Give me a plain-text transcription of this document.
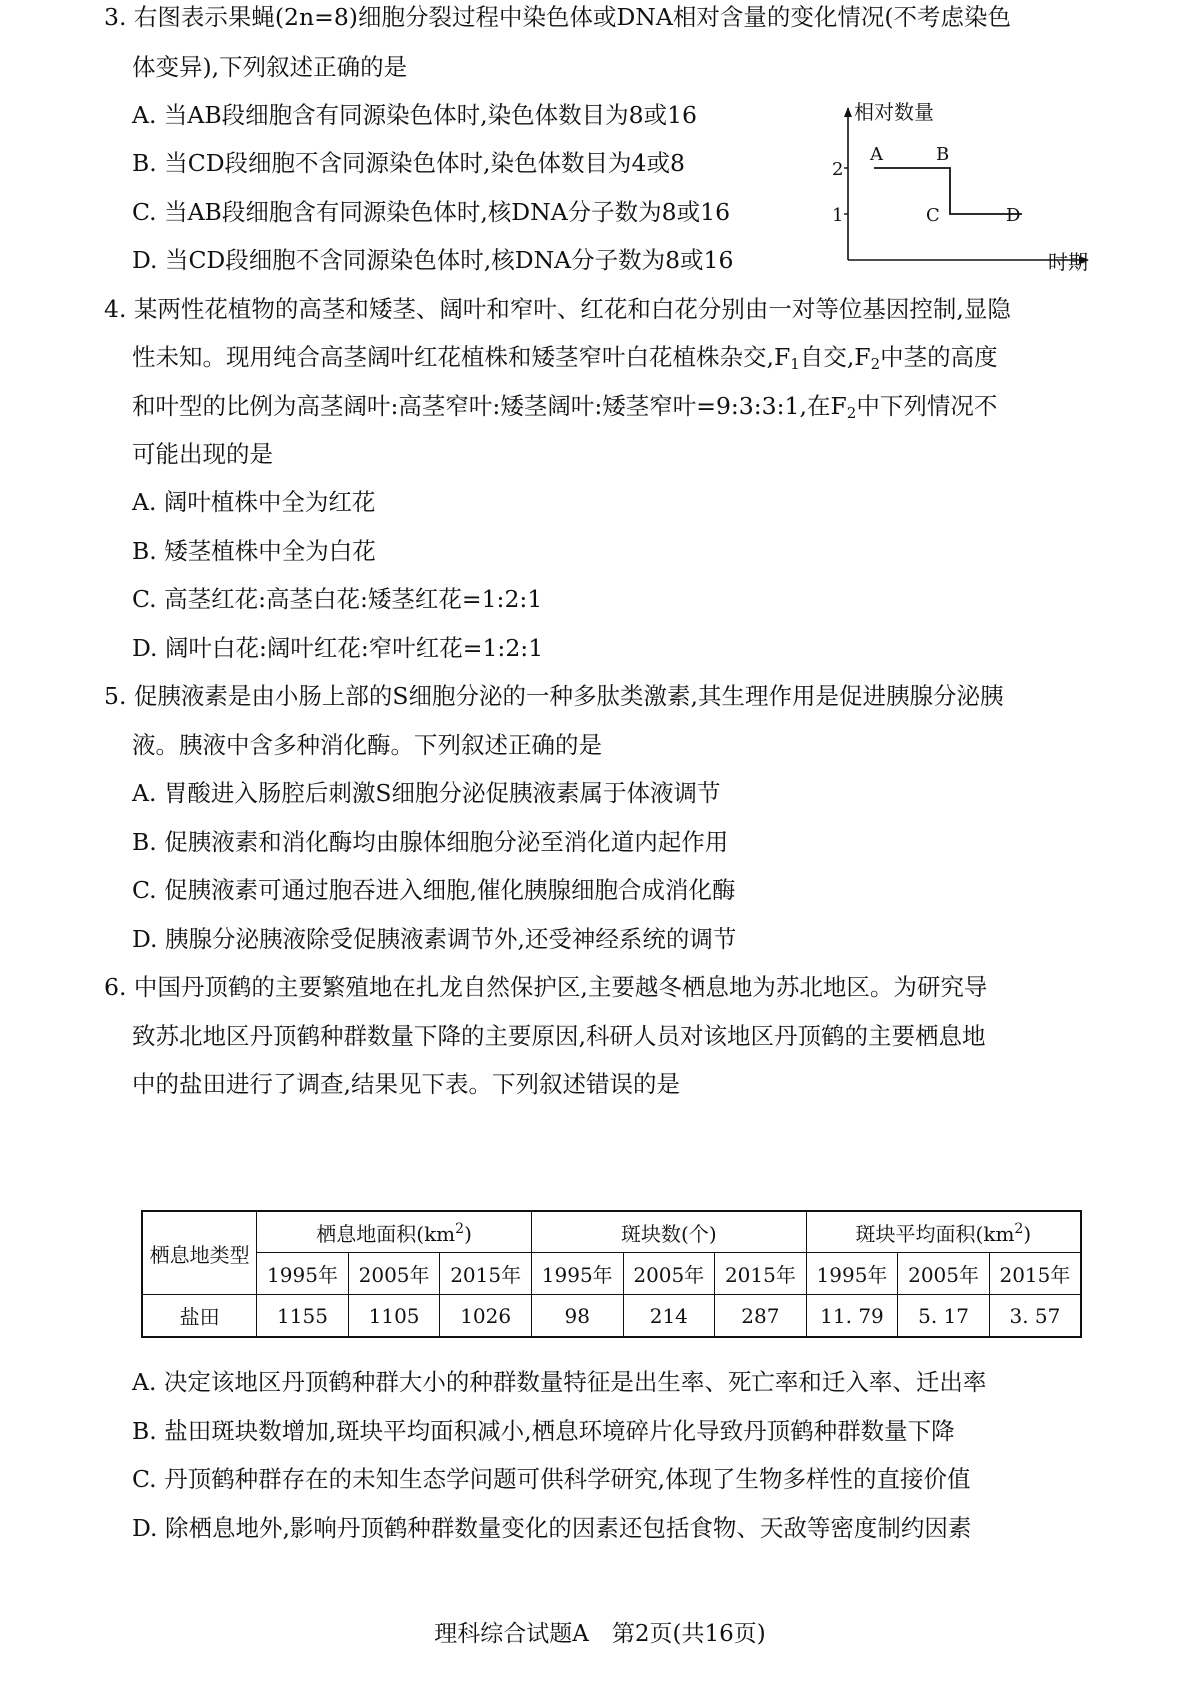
3. 右图表示果蝇(2n=8)细胞分裂过程中染色体或DNA相对含量的变化情况(不考虑染色
体变异),下列叙述正确的是
A. 当AB段细胞含有同源染色体时,染色体数目为8或16
B. 当CD段细胞不含同源染色体时,染色体数目为4或8
C. 当AB段细胞含有同源染色体时,核DNA分子数为8或16
D. 当CD段细胞不含同源染色体时,核DNA分子数为8或16
相对数量
时期
2
1
A	B
C	D
4. 某两性花植物的高茎和矮茎、阔叶和窄叶、红花和白花分别由一对等位基因控制,显隐
性未知。现用纯合高茎阔叶红花植株和矮茎窄叶白花植株杂交$,F_1$自交$,F_2$中茎的高度
和叶型的比例为高茎阔叶:高茎窄叶:矮茎阔叶:矮茎窄叶=9:3:3:1,在$F_2$中下列情况不
可能出现的是
A. 阔叶植株中全为红花
B. 矮茎植株中全为白花
C. 高茎红花:高茎白花:矮茎红花=1:2:1
D. 阔叶白花:阔叶红花:窄叶红花=1:2:1
5. 促胰液素是由小肠上部的S细胞分泌的一种多肽类激素,其生理作用是促进胰腺分泌胰
液。胰液中含多种消化酶。下列叙述正确的是
A. 胃酸进入肠腔后刺激S细胞分泌促胰液素属于体液调节
B. 促胰液素和消化酶均由腺体细胞分泌至消化道内起作用
C. 促胰液素可通过胞吞进入细胞,催化胰腺细胞合成消化酶
D. 胰腺分泌胰液除受促胰液素调节外,还受神经系统的调节
6. 中国丹顶鹤的主要繁殖地在扎龙自然保护区,主要越冬栖息地为苏北地区。为研究导
致苏北地区丹顶鹤种群数量下降的主要原因,科研人员对该地区丹顶鹤的主要栖息地
中的盐田进行了调查,结果见下表。下列叙述错误的是
栖息地类型	栖息地面积$(km^2)$			斑块数(个)			斑块平均面积$(km^2)$		
	1995年	2005年	2015年	1995年	2005年	2015年	1995年	2005年	2015年
盐田	1155	1105	1026	98	214	287	11. 79	5. 17	3. 57
A. 决定该地区丹顶鹤种群大小的种群数量特征是出生率、死亡率和迁入率、迁出率
B. 盐田斑块数增加,斑块平均面积减小,栖息环境碎片化导致丹顶鹤种群数量下降
C. 丹顶鹤种群存在的未知生态学问题可供科学研究,体现了生物多样性的直接价值
D. 除栖息地外,影响丹顶鹤种群数量变化的因素还包括食物、天敌等密度制约因素
理科综合试题A　第2页(共16页)
